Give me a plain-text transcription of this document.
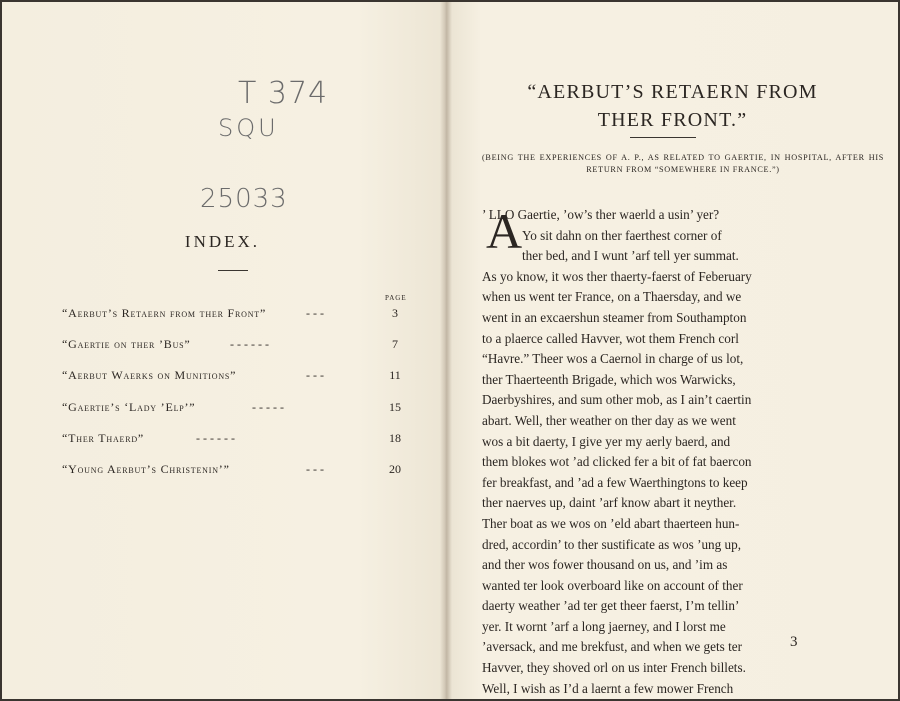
T 374
SQU
25033
INDEX.
PAGE
“Aerbut’s Retaern from ther Front”	- - -	3
“Gaertie on ther ’Bus”	- - - - - -	7
“Aerbut Waerks on Munitions”	- - -	11
“Gaertie’s ‘Lady ’Elp’”	- - - - -	15
“Ther Thaerd”	- - - - - -	18
“Young Aerbut’s Christenin’”	- - -	20
“AERBUT’S RETAERN FROM
THER FRONT.”
(BEING THE EXPERIENCES OF A. P., AS RELATED TO GAERTIE, IN HOSPITAL, AFTER HIS RETURN FROM “SOMEWHERE IN FRANCE.”)
A
’ LLO Gaertie, ’ow’s ther waerld a usin’ yer?
Yo sit dahn on ther faerthest corner of
ther bed, and I wunt ’arf tell yer summat.
As yo know, it wos ther thaerty-faerst of Feberuary
when us went ter France, on a Thaersday, and we
went in an excaershun steamer from Southampton
to a plaerce called Havver, wot them French corl
“Havre.” Theer wos a Caernol in charge of us lot,
ther Thaerteenth Brigade, which wos Warwicks,
Daerbyshires, and sum other mob, as I ain’t caertin
abart. Well, ther weather on ther day as we went
wos a bit daerty, I give yer my aerly baerd, and
them blokes wot ’ad clicked fer a bit of fat baercon
fer breakfast, and ’ad a few Waerthingtons to keep
ther naerves up, daint ’arf know abart it neyther.
Ther boat as we wos on ’eld abart thaerteen hun-
dred, accordin’ to ther sustificate as wos ’ung up,
and ther wos fower thousand on us, and ’im as
wanted ter look overboard like on account of ther
daerty weather ’ad ter get theer faerst, I’m tellin’
yer. It wornt ’arf a long jaerney, and I lorst me
’aversack, and me brekfust, and when we gets ter
Havver, they shoved orl on us inter French billets.
Well, I wish as I’d a laernt a few mower French
3
